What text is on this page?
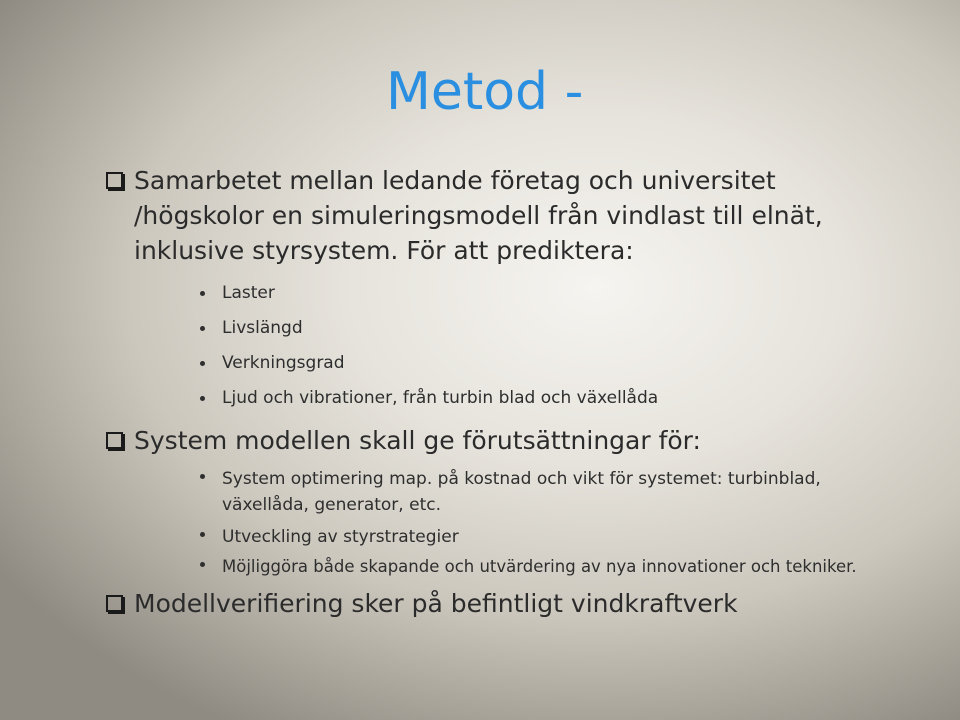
Metod -
Samarbetet mellan ledande företag och universitet
/högskolor en simuleringsmodell från vindlast till elnät,
inklusive styrsystem. För att prediktera:
Laster
Livslängd
Verkningsgrad
Ljud och vibrationer, från turbin blad och växellåda
System modellen skall ge förutsättningar för:
System optimering map. på kostnad och vikt för systemet: turbinblad,
växellåda, generator, etc.
Utveckling av styrstrategier
Möjliggöra både skapande och utvärdering av nya innovationer och tekniker.
Modellverifiering sker på befintligt vindkraftverk
